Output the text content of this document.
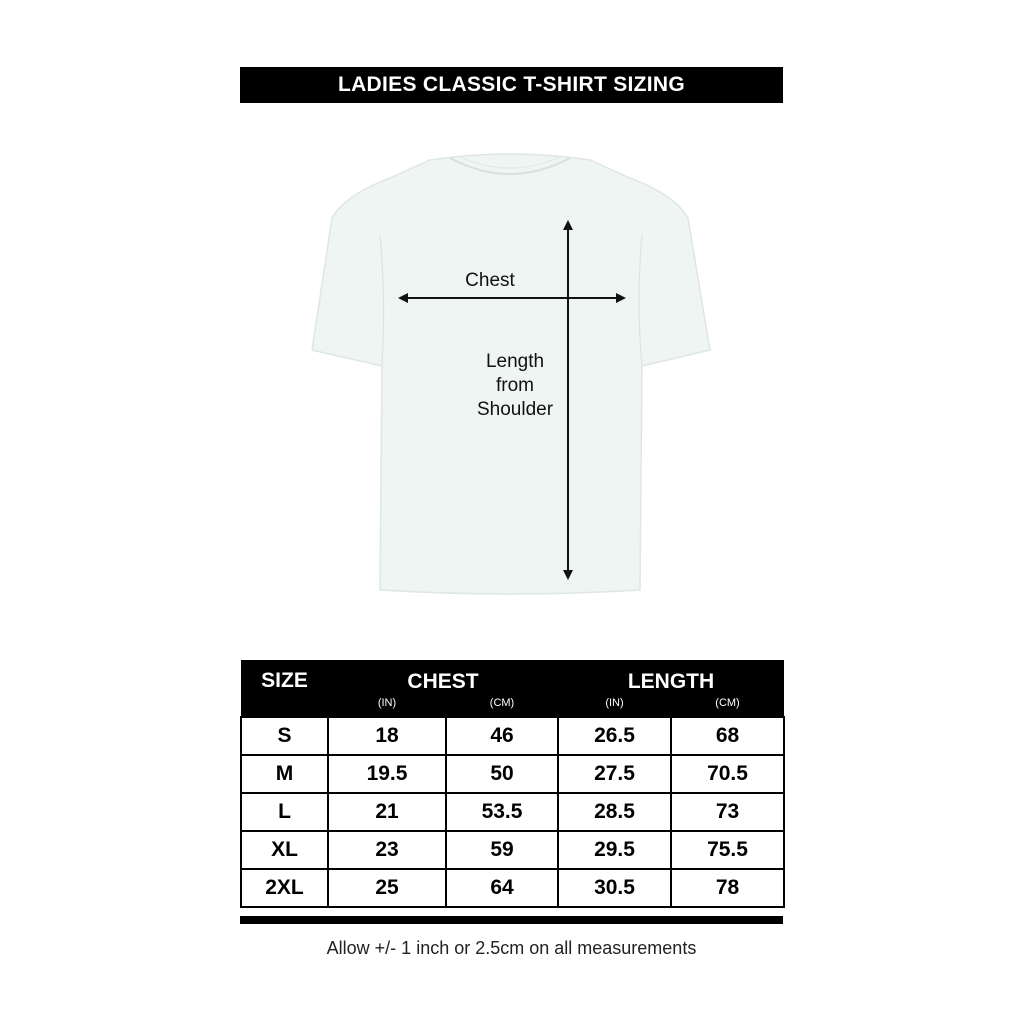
LADIES CLASSIC T-SHIRT SIZING
Chest
Length
from
Shoulder
SIZE	CHEST		LENGTH	
	(IN)	(CM)	(IN)	(CM)
S	18	46	26.5	68
M	19.5	50	27.5	70.5
L	21	53.5	28.5	73
XL	23	59	29.5	75.5
2XL	25	64	30.5	78
Allow +/- 1 inch or 2.5cm on all measurements
